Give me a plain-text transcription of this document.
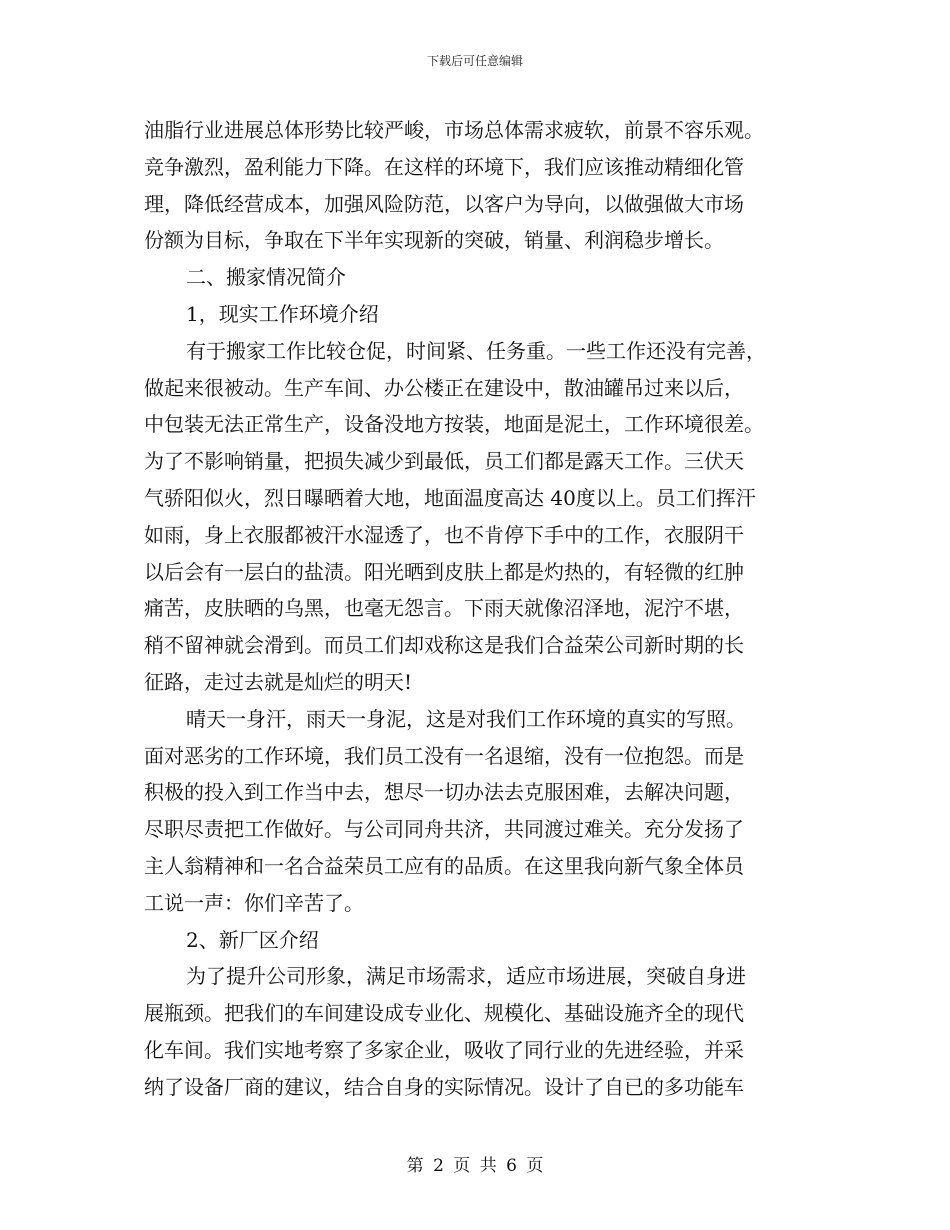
下载后可任意编辑
油脂行业进展总体形势比较严峻，市场总体需求疲软，前景不容乐观。
竞争激烈，盈利能力下降。在这样的环境下，我们应该推动精细化管
理，降低经营成本，加强风险防范，以客户为导向，以做强做大市场
份额为目标，争取在下半年实现新的突破，销量、利润稳步增长。
二、搬家情况简介
1，现实工作环境介绍
有于搬家工作比较仓促，时间紧、任务重。一些工作还没有完善，
做起来很被动。生产车间、办公楼正在建设中，散油罐吊过来以后，
中包装无法正常生产，设备没地方按装，地面是泥土，工作环境很差。
为了不影响销量，把损失减少到最低，员工们都是露天工作。三伏天
气骄阳似火，烈日曝晒着大地，地面温度高达 40度以上。员工们挥汗
如雨，身上衣服都被汗水湿透了，也不肯停下手中的工作，衣服阴干
以后会有一层白的盐渍。阳光晒到皮肤上都是灼热的，有轻微的红肿
痛苦，皮肤晒的乌黑，也毫无怨言。下雨天就像沼泽地，泥泞不堪，
稍不留神就会滑到。而员工们却戏称这是我们合益荣公司新时期的长
征路，走过去就是灿烂的明天!
晴天一身汗，雨天一身泥，这是对我们工作环境的真实的写照。
面对恶劣的工作环境，我们员工没有一名退缩，没有一位抱怨。而是
积极的投入到工作当中去，想尽一切办法去克服困难，去解决问题，
尽职尽责把工作做好。与公司同舟共济，共同渡过难关。充分发扬了
主人翁精神和一名合益荣员工应有的品质。在这里我向新气象全体员
工说一声：你们辛苦了。
2、新厂区介绍
为了提升公司形象，满足市场需求，适应市场进展，突破自身进
展瓶颈。把我们的车间建设成专业化、规模化、基础设施齐全的现代
化车间。我们实地考察了多家企业，吸收了同行业的先进经验，并采
纳了设备厂商的建议，结合自身的实际情况。设计了自已的多功能车
第 2 页 共 6 页
